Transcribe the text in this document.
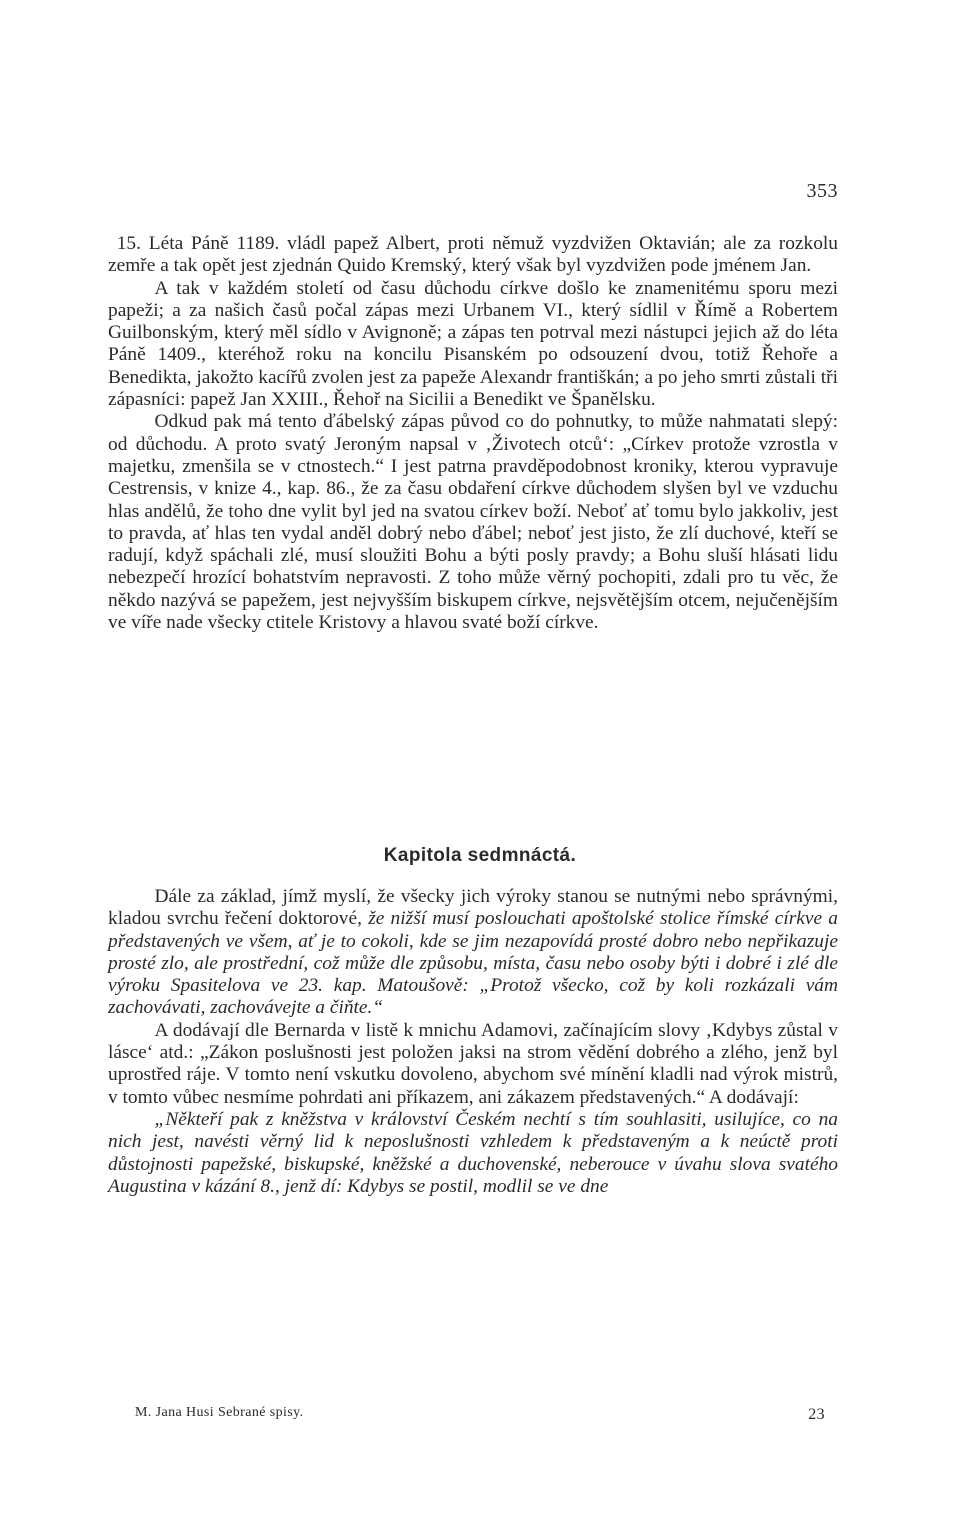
353

15. Léta Páně 1189. vládl papež Albert, proti němuž vyzdvižen Oktavián; ale za rozkolu zemře a tak opět jest zjednán Quido Kremský, který však byl vyzdvižen pode jménem Jan.

A tak v každém století od času důchodu církve došlo ke znamenitému sporu mezi papeži; a za našich časů počal zápas mezi Urbanem VI., který sídlil v Římě a Robertem Guilbonským, který měl sídlo v Avignoně; a zápas ten potrval mezi nástupci jejich až do léta Páně 1409., kteréhož roku na koncilu Pisanském po odsouzení dvou, totiž Řehoře a Benedikta, jakožto kacířů zvolen jest za papeže Alexandr františkán; a po jeho smrti zůstali tři zápasníci: papež Jan XXIII., Řehoř na Sicilii a Benedikt ve Španělsku.

Odkud pak má tento ďábelský zápas původ co do pohnutky, to může nahmatati slepý: od důchodu. A proto svatý Jeroným napsal v ‚Životech otců‘: „Církev protože vzrostla v majetku, zmenšila se v ctnostech.“ I jest patrna pravděpodobnost kroniky, kterou vypravuje Cestrensis, v knize 4., kap. 86., že za času obdaření církve důchodem slyšen byl ve vzduchu hlas andělů, že toho dne vylit byl jed na svatou církev boží. Neboť ať tomu bylo jakkoliv, jest to pravda, ať hlas ten vydal anděl dobrý nebo ďábel; neboť jest jisto, že zlí duchové, kteří se radují, když spáchali zlé, musí sloužiti Bohu a býti posly pravdy; a Bohu sluší hlásati lidu nebezpečí hrozící bohatstvím nepravosti. Z toho může věrný pochopiti, zdali pro tu věc, že někdo nazývá se papežem, jest nejvyšším biskupem církve, nejsvětějším otcem, nejučenějším ve víře nade všecky ctitele Kristovy a hlavou svaté boží církve.

Kapitola sedmnáctá.

Dále za základ, jímž myslí, že všecky jich výroky stanou se nutnými nebo správnými, kladou svrchu řečení doktorové, že nižší musí poslouchati apoštolské stolice římské církve a představených ve všem, ať je to cokoli, kde se jim nezapovídá prosté dobro nebo nepřikazuje prosté zlo, ale prostřední, což může dle způsobu, místa, času nebo osoby býti i dobré i zlé dle výroku Spasitelova ve 23. kap. Matoušově: „Protož všecko, což by koli rozkázali vám zachovávati, zachovávejte a čiňte.“

A dodávají dle Bernarda v listě k mnichu Adamovi, začínajícím slovy ‚Kdybys zůstal v lásce‘ atd.: „Zákon poslušnosti jest položen jaksi na strom vědění dobrého a zlého, jenž byl uprostřed ráje. V tomto není vskutku dovoleno, abychom své mínění kladli nad výrok mistrů, v tomto vůbec nesmíme pohrdati ani příkazem, ani zákazem představených.“ A dodávají:

„Někteří pak z kněžstva v království Českém nechtí s tím souhlasiti, usilujíce, co na nich jest, navésti věrný lid k neposlušnosti vzhledem k představeným a k neúctě proti důstojnosti papežské, biskupské, kněžské a duchovenské, neberouce v úvahu slova svatého Augustina v kázání 8., jenž dí: Kdybys se postil, modlil se ve dne

M. Jana Husi Sebrané spisy.	23
